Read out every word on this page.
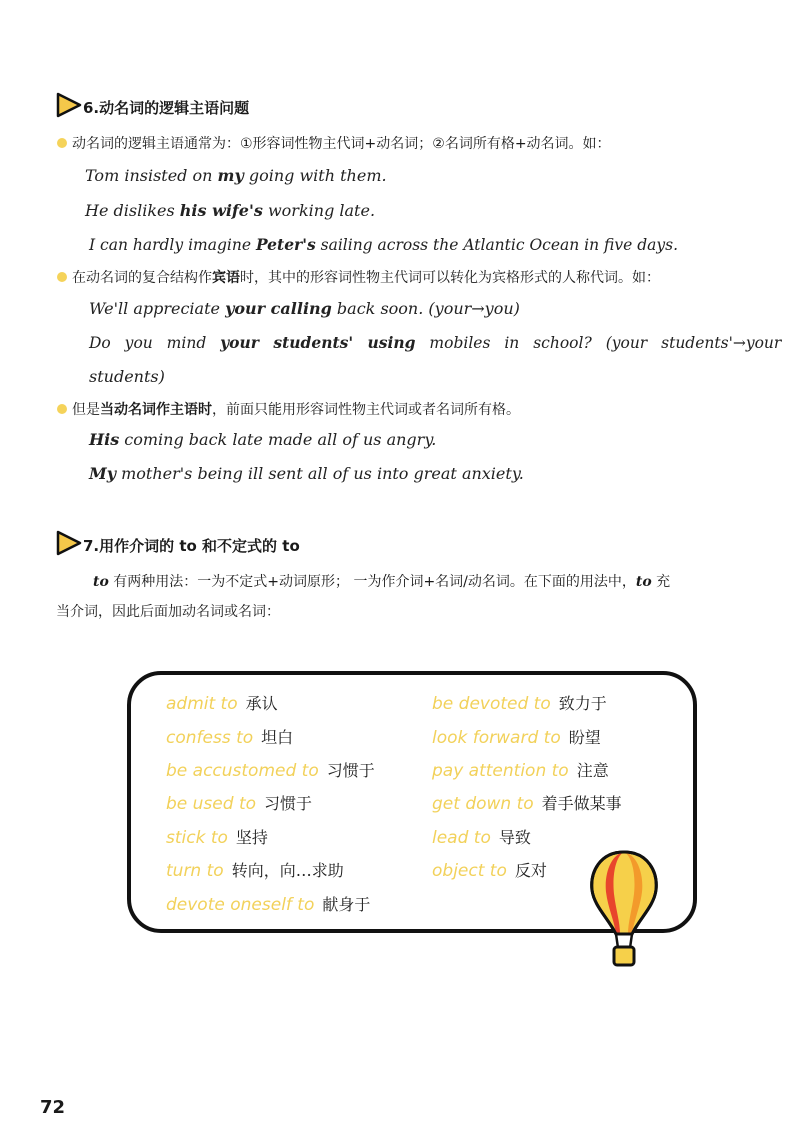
6.动名词的逻辑主语问题
动名词的逻辑主语通常为：①形容词性物主代词+动名词；②名词所有格+动名词。如：
Tom insisted on my going with them.
He dislikes his wife's working late.
I can hardly imagine Peter's sailing across the Atlantic Ocean in five days.
在动名词的复合结构作宾语时，其中的形容词性物主代词可以转化为宾格形式的人称代词。如：
We'll appreciate your calling back soon. (your→you)
Do you mind your students' using mobiles in school? (your students'→your
students)
但是当动名词作主语时，前面只能用形容词性物主代词或者名词所有格。
His coming back late made all of us angry.
My mother's being ill sent all of us into great anxiety.
7.用作介词的 to 和不定式的 to
to 有两种用法：一为不定式+动词原形； 一为作介词+名词/动名词。在下面的用法中，to 充
当介词，因此后面加动名词或名词：
admit to 承认
confess to 坦白
be accustomed to 习惯于
be used to 习惯于
stick to 坚持
turn to 转向，向…求助
devote oneself to 献身于
be devoted to 致力于
look forward to 盼望
pay attention to 注意
get down to 着手做某事
lead to 导致
object to 反对
72
